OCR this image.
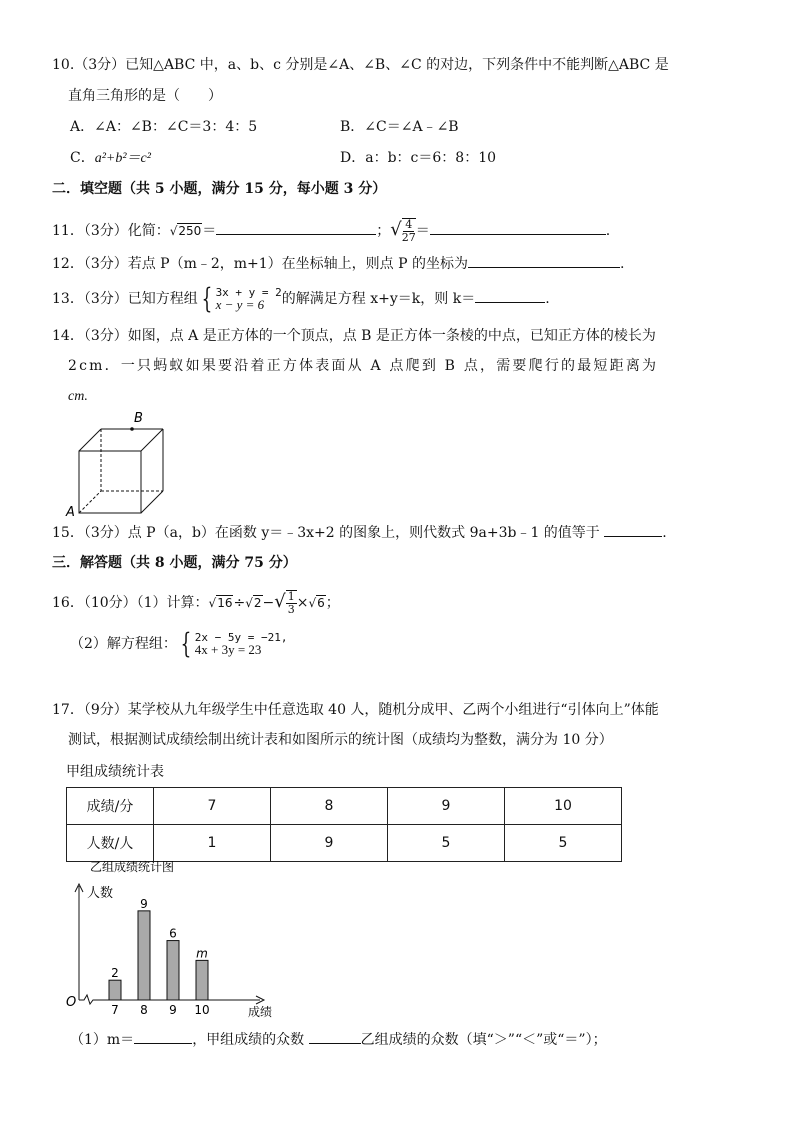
10.（3分）已知△ABC 中，a、b、c 分别是∠A、∠B、∠C 的对边，下列条件中不能判断△ABC 是
直角三角形的是（　　）
A．∠A：∠B：∠C＝3：4：5	B．∠C＝∠A﹣∠B
C．a²+b²＝c²	D．a：b：c＝6：8：10
二．填空题（共 5 小题，满分 15 分，每小题 3 分）
11．（3分）化简：√250＝	；√ $\frac{4}{27}$ ＝	.
12．（3分）若点 P（m﹣2，m+1）在坐标轴上，则点 P 的坐标为	.
13．（3分）已知方程组 { 3x + y = 2
x − y = 6	的解满足方程 x+y＝k，则 k＝	.
14．（3分）如图，点 A 是正方体的一个顶点，点 B 是正方体一条棱的中点，已知正方体的棱长为
2cm．一只蚂蚁如果要沿着正方体表面从 A 点爬到 B 点，需要爬行的最短距离为
cm.
B
A
15．（3分）点 P（a，b）在函数 y＝﹣3x+2 的图象上，则代数式 9a+3b﹣1 的值等于	.
三．解答题（共 8 小题，满分 75 分）
16．（10分）（1）计算：$√16\div√2-√ \frac{1}{3} \times√6$；
（2）解方程组： { 2x − 5y = −21,
4x + 3y = 23
17．（9分）某学校从九年级学生中任意选取 40 人，随机分成甲、乙两个小组进行“引体向上”体能
测试，根据测试成绩绘制出统计表和如图所示的统计图（成绩均为整数，满分为 10 分）
甲组成绩统计表
成绩/分	7	8	9	10
人数/人	1	9	5	5
乙组成绩统计图
人数
成绩
O
2
7
9
8
6
9
m
10
（1）m＝	，甲组成绩的众数	乙组成绩的众数（填“＞”“＜”或“＝”）；
